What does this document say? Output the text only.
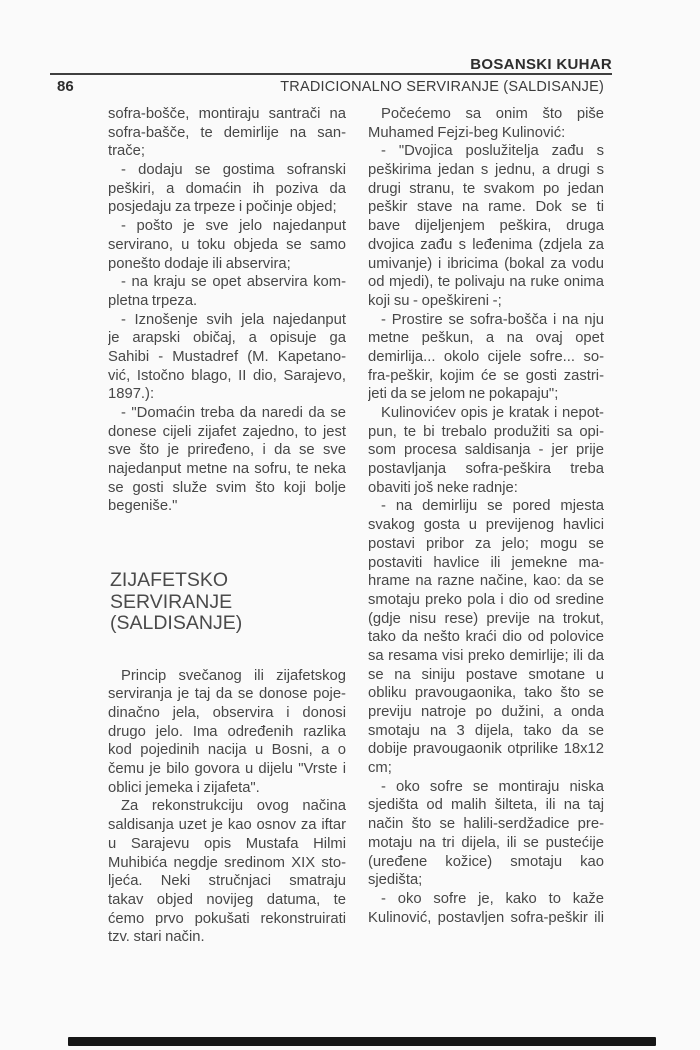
BOSANSKI KUHAR
86	TRADICIONALNO SERVIRANJE (SALDISANJE)
sofra-bošče, montiraju santrači na
sofra-bašče, te demirlije na san-
trače;
- dodaju se gostima sofranski
peškiri, a domaćin ih poziva da
posjedaju za trpeze i počinje objed;
- pošto je sve jelo najedanput
servirano, u toku objeda se samo
ponešto dodaje ili abservira;
- na kraju se opet abservira kom-
pletna trpeza.
- Iznošenje svih jela najedanput
je arapski običaj, a opisuje ga
Sahibi - Mustadref (M. Kapetano-
vić, Istočno blago, II dio, Sarajevo,
1897.):
- "Domaćin treba da naredi da se
donese cijeli zijafet zajedno, to jest
sve što je priređeno, i da se sve
najedanput metne na sofru, te neka
se gosti služe svim što koji bolje
begeniše."
ZIJAFETSKO
SERVIRANJE
(SALDISANJE)
Princip svečanog ili zijafetskog
serviranja je taj da se donose poje-
dinačno jela, observira i donosi
drugo jelo. Ima određenih razlika
kod pojedinih nacija u Bosni, a o
čemu je bilo govora u dijelu "Vrste i
oblici jemeka i zijafeta".
Za rekonstrukciju ovog načina
saldisanja uzet je kao osnov za iftar
u Sarajevu opis Mustafa Hilmi
Muhibića negdje sredinom XIX sto-
ljeća. Neki stručnjaci smatraju
takav objed novijeg datuma, te
ćemo prvo pokušati rekonstruirati
tzv. stari način.
Počećemo sa onim što piše
Muhamed Fejzi-beg Kulinović:
- "Dvojica poslužitelja zađu s
peškirima jedan s jednu, a drugi s
drugi stranu, te svakom po jedan
peškir stave na rame. Dok se ti
bave dijeljenjem peškira, druga
dvojica zađu s leđenima (zdjela za
umivanje) i ibricima (bokal za vodu
od mjedi), te polivaju na ruke onima
koji su - opeškireni -;
- Prostire se sofra-bošča i na nju
metne peškun, a na ovaj opet
demirlija... okolo cijele sofre... so-
fra-peškir, kojim će se gosti zastri-
jeti da se jelom ne pokapaju";
Kulinovićev opis je kratak i nepot-
pun, te bi trebalo produžiti sa opi-
som procesa saldisanja - jer prije
postavljanja sofra-peškira treba
obaviti još neke radnje:
- na demirliju se pored mjesta
svakog gosta u previjenog havlici
postavi pribor za jelo; mogu se
postaviti havlice ili jemekne ma-
hrame na razne načine, kao: da se
smotaju preko pola i dio od sredine
(gdje nisu rese) previje na trokut,
tako da nešto kraći dio od polovice
sa resama visi preko demirlije; ili da
se na siniju postave smotane u
obliku pravougaonika, tako što se
previju natroje po dužini, a onda
smotaju na 3 dijela, tako da se
dobije pravougaonik otprilike 18x12
cm;
- oko sofre se montiraju niska
sjedišta od malih šilteta, ili na taj
način što se halili-serdžadice pre-
motaju na tri dijela, ili se pustećije
(uređene kožice) smotaju kao
sjedišta;
- oko sofre je, kako to kaže
Kulinović, postavljen sofra-peškir ili
